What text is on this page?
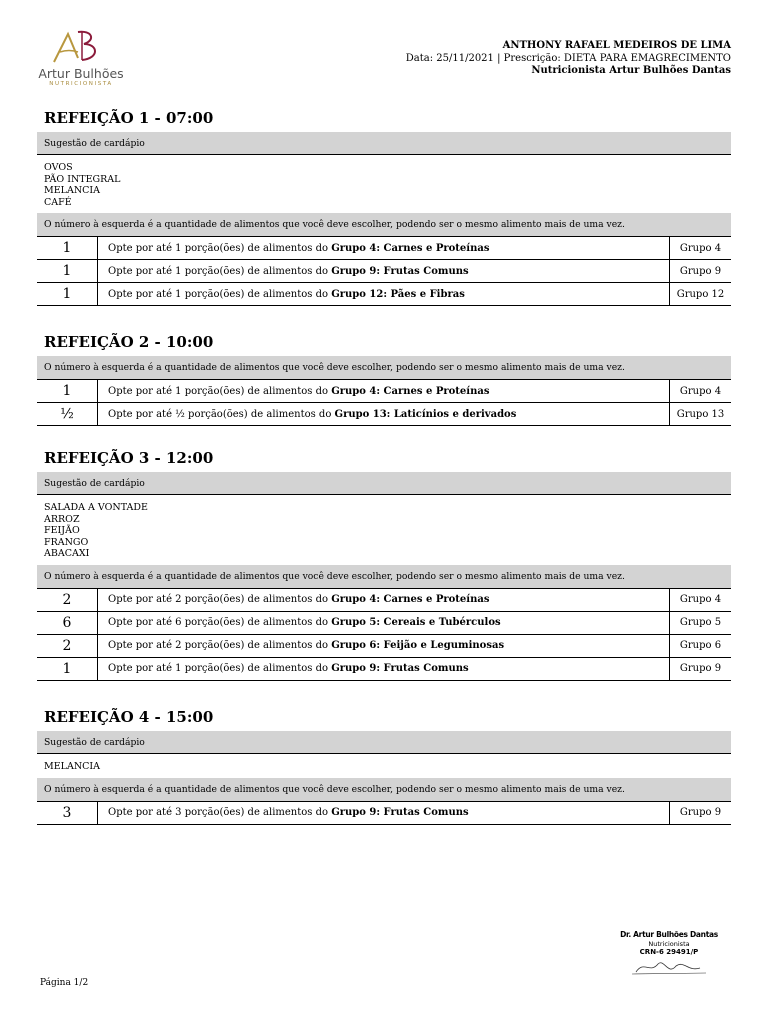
Artur Bulhões
NUTRICIONISTA
ANTHONY RAFAEL MEDEIROS DE LIMA
Data: 25/11/2021 | Prescrição: DIETA PARA EMAGRECIMENTO
Nutricionista Artur Bulhões Dantas
REFEIÇÃO 1 - 07:00
Sugestão de cardápio
OVOS
PÃO INTEGRAL
MELANCIA
CAFÉ
O número à esquerda é a quantidade de alimentos que você deve escolher, podendo ser o mesmo alimento mais de uma vez.
1	Opte por até 1 porção(ões) de alimentos do Grupo 4: Carnes e Proteínas	Grupo 4
1	Opte por até 1 porção(ões) de alimentos do Grupo 9: Frutas Comuns	Grupo 9
1	Opte por até 1 porção(ões) de alimentos do Grupo 12: Pães e Fibras	Grupo 12
REFEIÇÃO 2 - 10:00
O número à esquerda é a quantidade de alimentos que você deve escolher, podendo ser o mesmo alimento mais de uma vez.
1	Opte por até 1 porção(ões) de alimentos do Grupo 4: Carnes e Proteínas	Grupo 4
½	Opte por até ½ porção(ões) de alimentos do Grupo 13: Laticínios e derivados	Grupo 13
REFEIÇÃO 3 - 12:00
Sugestão de cardápio
SALADA A VONTADE
ARROZ
FEIJÃO
FRANGO
ABACAXI
O número à esquerda é a quantidade de alimentos que você deve escolher, podendo ser o mesmo alimento mais de uma vez.
2	Opte por até 2 porção(ões) de alimentos do Grupo 4: Carnes e Proteínas	Grupo 4
6	Opte por até 6 porção(ões) de alimentos do Grupo 5: Cereais e Tubérculos	Grupo 5
2	Opte por até 2 porção(ões) de alimentos do Grupo 6: Feijão e Leguminosas	Grupo 6
1	Opte por até 1 porção(ões) de alimentos do Grupo 9: Frutas Comuns	Grupo 9
REFEIÇÃO 4 - 15:00
Sugestão de cardápio
MELANCIA
O número à esquerda é a quantidade de alimentos que você deve escolher, podendo ser o mesmo alimento mais de uma vez.
3	Opte por até 3 porção(ões) de alimentos do Grupo 9: Frutas Comuns	Grupo 9
Dr. Artur Bulhões Dantas
Nutricionista
CRN-6 29491/P
Página 1/2
